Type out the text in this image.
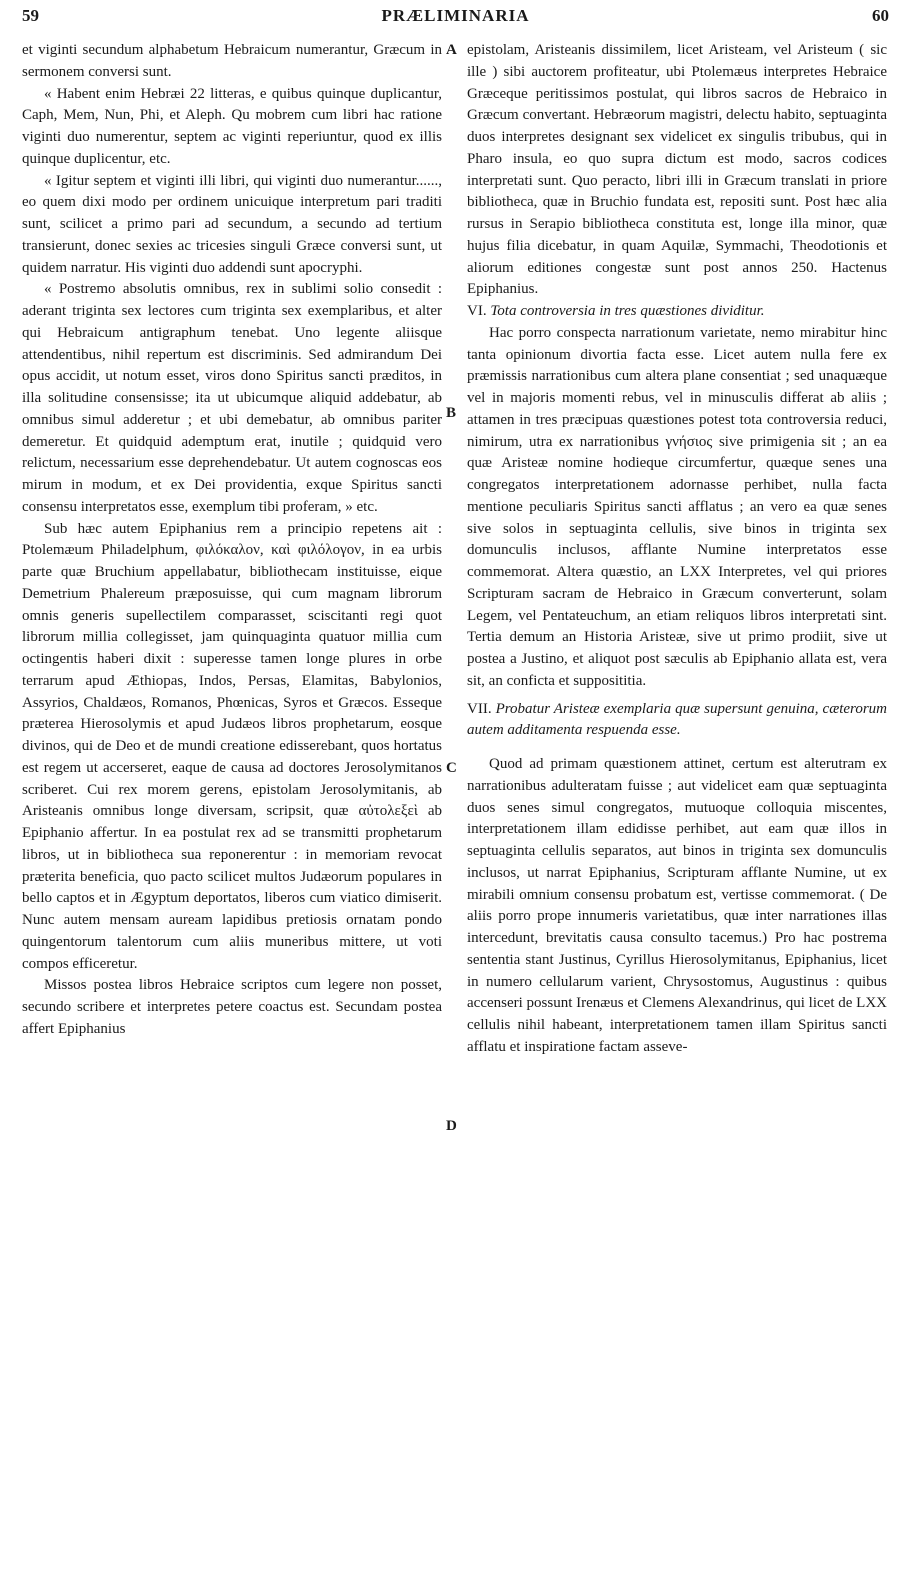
59	PRÆLIMINARIA	60

et viginti secundum alphabetum Hebraicum numerantur, Græcum in sermonem conversi sunt.

« Habent enim Hebræi 22 litteras, e quibus quinque duplicantur, Caph, Mem, Nun, Phi, et Aleph. Qu mobrem cum libri hac ratione viginti duo numerentur, septem ac viginti reperiuntur, quod ex illis quinque duplicentur, etc.

« Igitur septem et viginti illi libri, qui viginti duo numerantur......, eo quem dixi modo per ordinem unicuique interpretum pari traditi sunt, scilicet a primo pari ad secundum, a secundo ad tertium transierunt, donec sexies ac tricesies singuli Græce conversi sunt, ut quidem narratur. His viginti duo addendi sunt apocryphi.

« Postremo absolutis omnibus, rex in sublimi solio consedit : aderant triginta sex lectores cum triginta sex exemplaribus, et alter qui Hebraicum antigraphum tenebat. Uno legente aliisque attendentibus, nihil repertum est discriminis. Sed admirandum Dei opus accidit, ut notum esset, viros dono Spiritus sancti præditos, in illa solitudine consensisse; ita ut ubicumque aliquid addebatur, ab omnibus simul adderetur ; et ubi demebatur, ab omnibus pariter demeretur. Et quidquid ademptum erat, inutile ; quidquid vero relictum, necessarium esse deprehendebatur. Ut autem cognoscas eos mirum in modum, et ex Dei providentia, exque Spiritus sancti consensu interpretatos esse, exemplum tibi proferam, » etc.

Sub hæc autem Epiphanius rem a principio repetens ait : Ptolemæum Philadelphum, φιλόκαλον, καὶ φιλόλογον, in ea urbis parte quæ Bruchium appellabatur, bibliothecam instituisse, eique Demetrium Phalereum præposuisse, qui cum magnam librorum omnis generis supellectilem comparasset, sciscitanti regi quot librorum millia collegisset, jam quinquaginta quatuor millia cum octingentis haberi dixit : superesse tamen longe plures in orbe terrarum apud Æthiopas, Indos, Persas, Elamitas, Babylonios, Assyrios, Chaldæos, Romanos, Phœnicas, Syros et Græcos. Esseque præterea Hierosolymis et apud Judæos libros prophetarum, eosque divinos, qui de Deo et de mundi creatione edisserebant, quos hortatus est regem ut accerseret, eaque de causa ad doctores Jerosolymitanos scriberet. Cui rex morem gerens, epistolam Jerosolymitanis, ab Aristeanis omnibus longe diversam, scripsit, quæ αὐτολεξεὶ ab Epiphanio affertur. In ea postulat rex ad se transmitti prophetarum libros, ut in bibliotheca sua reponerentur : in memoriam revocat præterita beneficia, quo pacto scilicet multos Judæorum populares in bello captos et in Ægyptum deportatos, liberos cum viatico dimiserit. Nunc autem mensam auream lapidibus pretiosis ornatam pondo quingentorum talentorum cum aliis muneribus mittere, ut voti compos efficeretur.

Missos postea libros Hebraice scriptos cum legere non posset, secundo scribere et interpretes petere coactus est. Secundam postea affert Epiphanius

epistolam, Aristeanis dissimilem, licet Aristeam, vel Aristeum ( sic ille ) sibi auctorem profiteatur, ubi Ptolemæus interpretes Hebraice Græceque peritissimos postulat, qui libros sacros de Hebraico in Græcum convertant. Hebræorum magistri, delectu habito, septuaginta duos interpretes designant sex videlicet ex singulis tribubus, qui in Pharo insula, eo quo supra dictum est modo, sacros codices interpretati sunt. Quo peracto, libri illi in Græcum translati in priore bibliotheca, quæ in Bruchio fundata est, repositi sunt. Post hæc alia rursus in Serapio bibliotheca constituta est, longe illa minor, quæ hujus filia dicebatur, in quam Aquilæ, Symmachi, Theodotionis et aliorum editiones congestæ sunt post annos 250. Hactenus Epiphanius.

VI. Tota controversia in tres quæstiones dividitur.

Hac porro conspecta narrationum varietate, nemo mirabitur hinc tanta opinionum divortia facta esse. Licet autem nulla fere ex præmissis narrationibus cum altera plane consentiat ; sed unaquæque vel in majoris momenti rebus, vel in minusculis differat ab aliis ; attamen in tres præcipuas quæstiones potest tota controversia reduci, nimirum, utra ex narrationibus γνήσιος sive primigenia sit ; an ea quæ Aristeæ nomine hodieque circumfertur, quæque senes una congregatos interpretationem adornasse perhibet, nulla facta mentione peculiaris Spiritus sancti afflatus ; an vero ea quæ senes sive solos in septuaginta cellulis, sive binos in triginta sex domunculis inclusos, afflante Numine interpretatos esse commemorat. Altera quæstio, an LXX Interpretes, vel qui priores Scripturam sacram de Hebraico in Græcum converterunt, solam Legem, vel Pentateuchum, an etiam reliquos libros interpretati sint. Tertia demum an Historia Aristeæ, sive ut primo prodiit, sive ut postea a Justino, et aliquot post sæculis ab Epiphanio allata est, vera sit, an conficta et supposititia.

VII. Probatur Aristeæ exemplaria quæ supersunt genuina, cæterorum autem additamenta respuenda esse.

Quod ad primam quæstionem attinet, certum est alterutram ex narrationibus adulteratam fuisse ; aut videlicet eam quæ septuaginta duos senes simul congregatos, mutuoque colloquia miscentes, interpretationem illam edidisse perhibet, aut eam quæ illos in septuaginta cellulis separatos, aut binos in triginta sex domunculis inclusos, ut narrat Epiphanius, Scripturam afflante Numine, ut ex mirabili omnium consensu probatum est, vertisse commemorat. ( De aliis porro prope innumeris varietatibus, quæ inter narrationes illas intercedunt, brevitatis causa consulto tacemus.) Pro hac postrema sententia stant Justinus, Cyrillus Hierosolymitanus, Epiphanius, licet in numero cellularum varient, Chrysostomus, Augustinus : quibus accenseri possunt Irenæus et Clemens Alexandrinus, qui licet de LXX cellulis nihil habeant, interpretationem tamen illam Spiritus sancti afflatu et inspiratione factam asseve-

A
B
C
D
